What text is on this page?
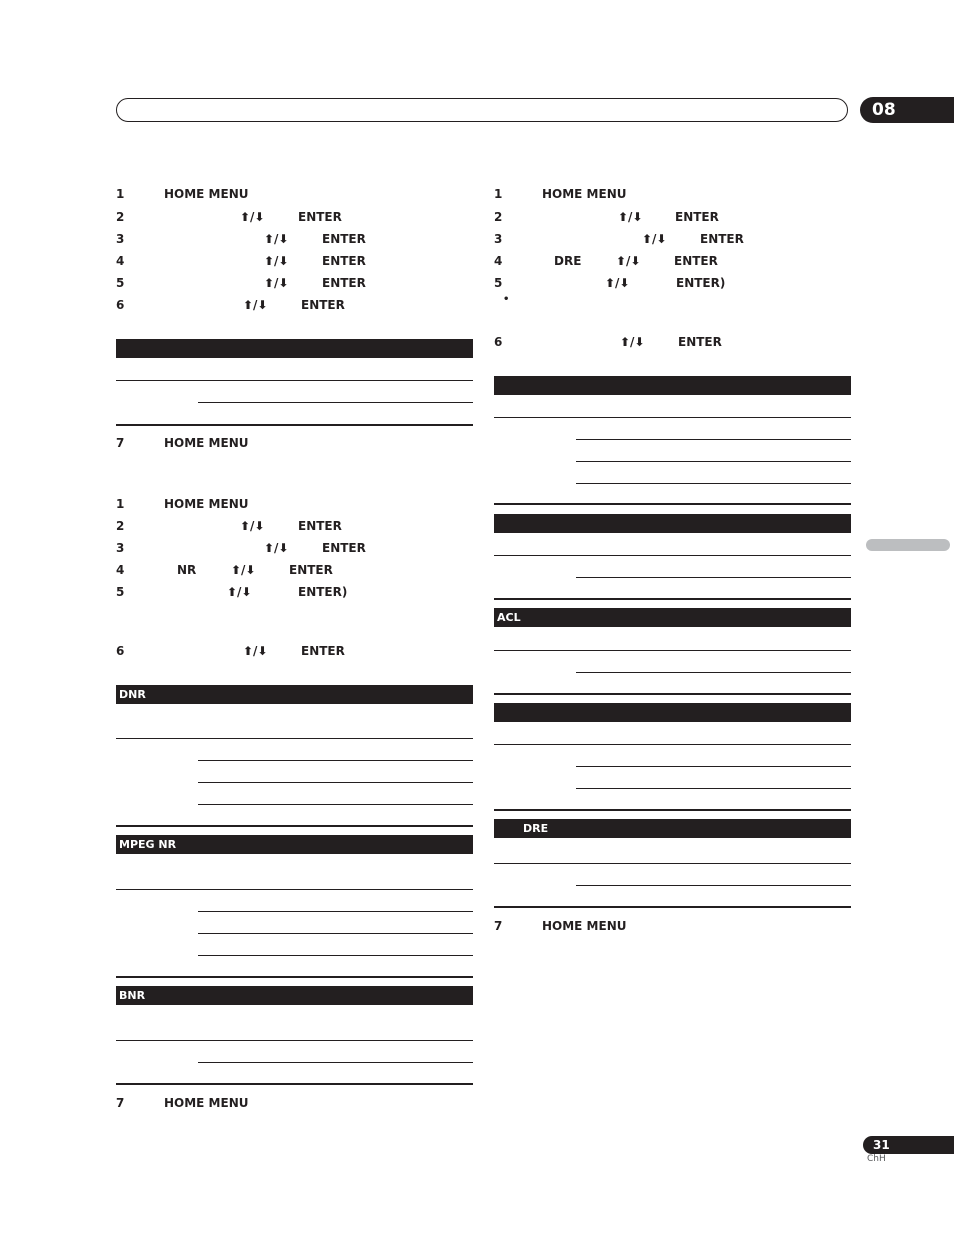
08
1	HOME MENU
2	⬆/⬇	ENTER
3	⬆/⬇	ENTER
4	⬆/⬇	ENTER
5	⬆/⬇	ENTER
6	⬆/⬇	ENTER
7	HOME MENU
1	HOME MENU
2	⬆/⬇	ENTER
3	⬆/⬇	ENTER
4	NR	⬆/⬇	ENTER
5	⬆/⬇	ENTER)
6	⬆/⬇	ENTER
DNR
MPEG NR
BNR
7	HOME MENU
1	HOME MENU
2	⬆/⬇	ENTER
3	⬆/⬇	ENTER
4	DRE	⬆/⬇	ENTER
5	⬆/⬇	ENTER)
•
6	⬆/⬇	ENTER
ACL
DRE
7	HOME MENU
31
ChH
